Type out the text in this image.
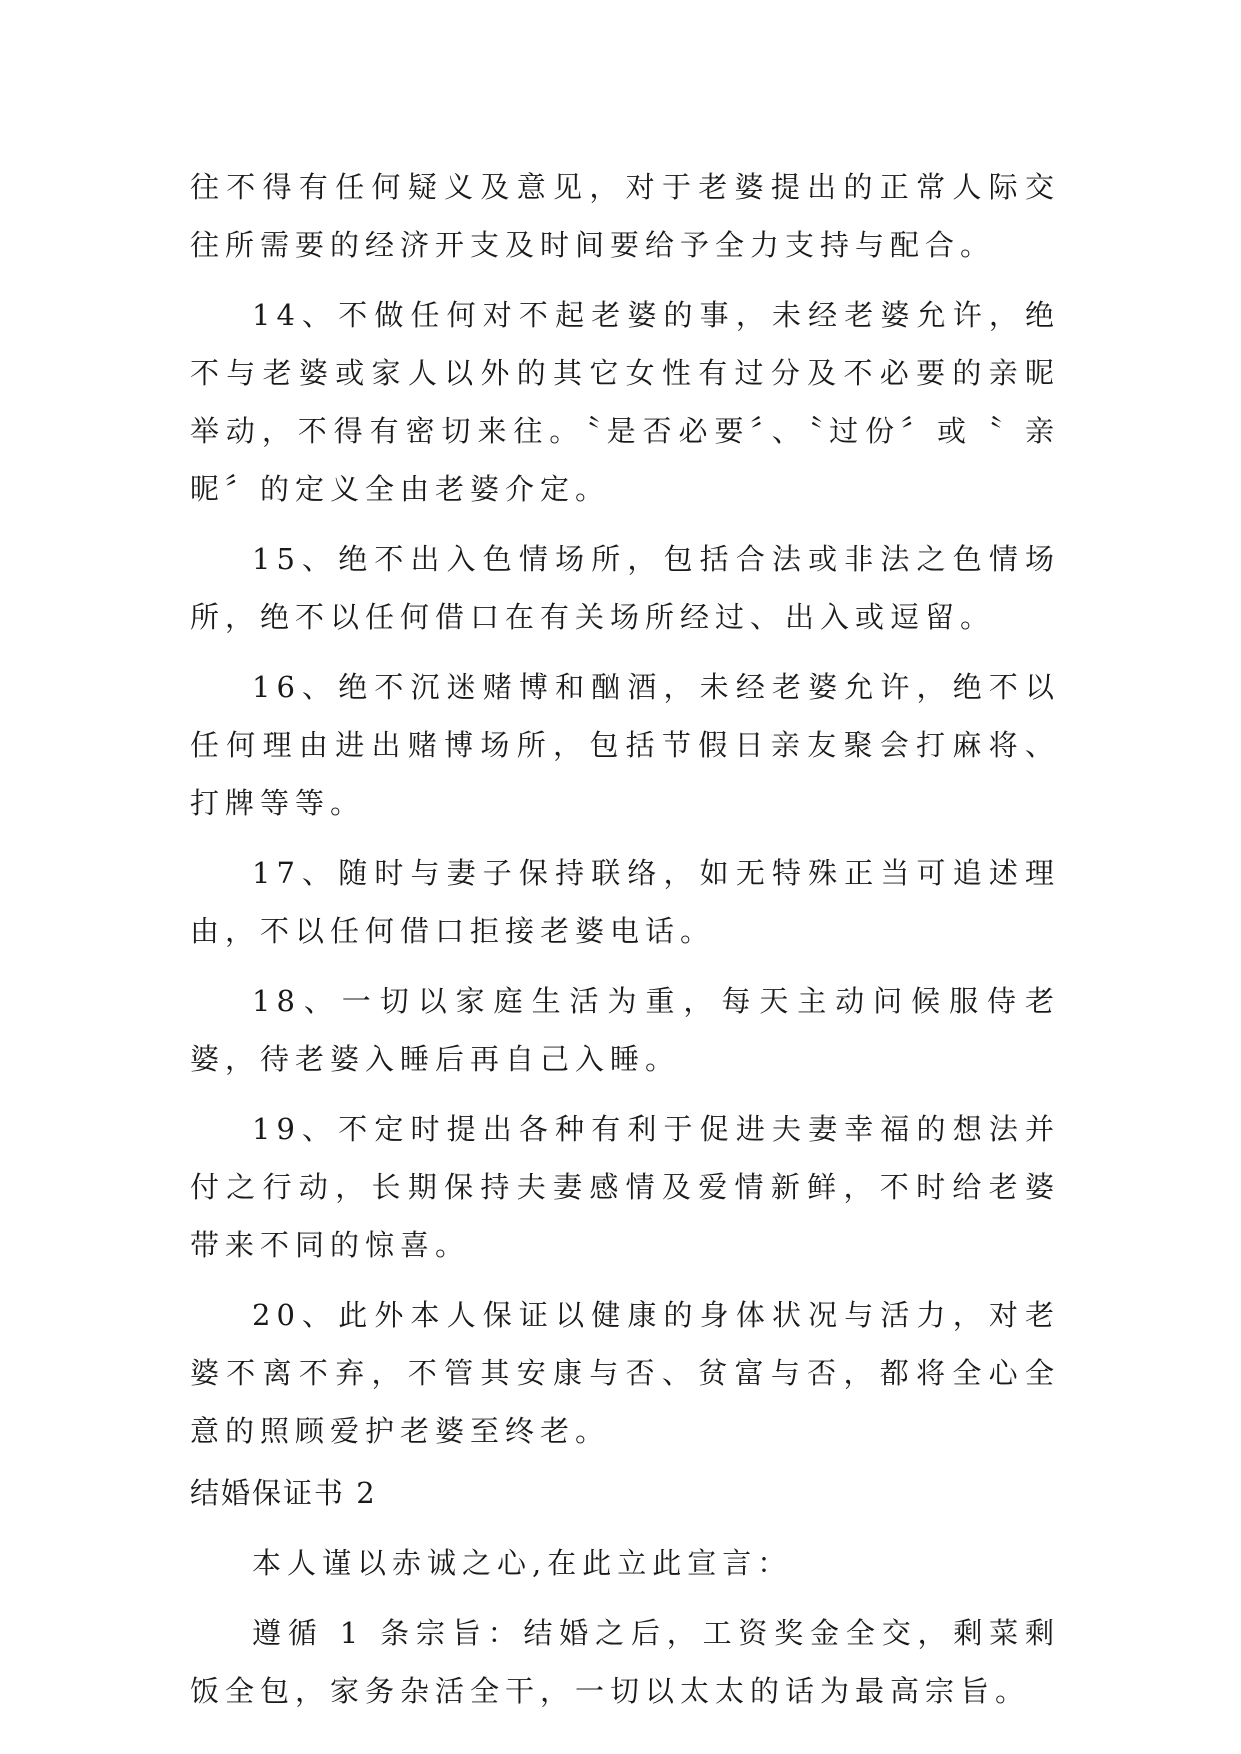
往不得有任何疑义及意见，对于老婆提出的正常人际交往所需要的经济开支及时间要给予全力支持与配合。

14、不做任何对不起老婆的事，未经老婆允许，绝不与老婆或家人以外的其它女性有过分及不必要的亲昵举动，不得有密切来往。〝是否必要〞、〝过份〞或〝 亲昵〞的定义全由老婆介定。

15、绝不出入色情场所，包括合法或非法之色情场所，绝不以任何借口在有关场所经过、出入或逗留。

16、绝不沉迷赌博和酗酒，未经老婆允许，绝不以任何理由进出赌博场所，包括节假日亲友聚会打麻将、打牌等等。

17、随时与妻子保持联络，如无特殊正当可追述理由，不以任何借口拒接老婆电话。

18、一切以家庭生活为重，每天主动问候服侍老婆，待老婆入睡后再自己入睡。

19、不定时提出各种有利于促进夫妻幸福的想法并付之行动，长期保持夫妻感情及爱情新鲜，不时给老婆带来不同的惊喜。

20、此外本人保证以健康的身体状况与活力，对老婆不离不弃，不管其安康与否、贫富与否，都将全心全意的照顾爱护老婆至终老。

结婚保证书 2

本人谨以赤诚之心,在此立此宣言：

遵循 1 条宗旨：结婚之后，工资奖金全交，剩菜剩饭全包，家务杂活全干，一切以太太的话为最高宗旨。
